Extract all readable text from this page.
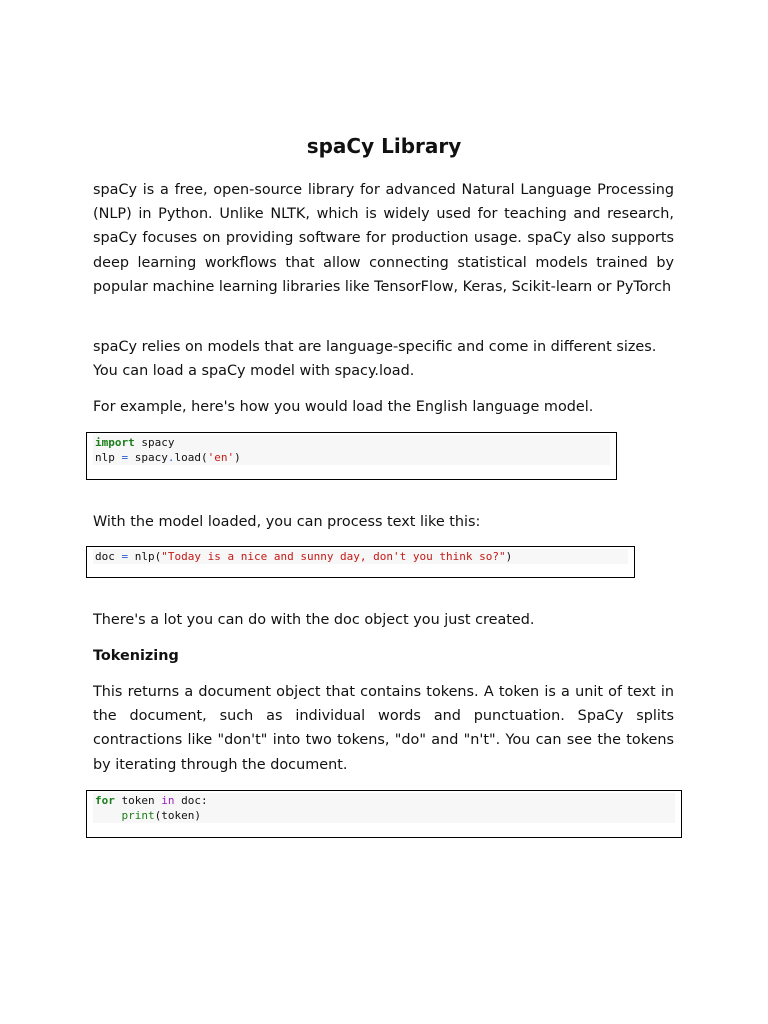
spaCy Library

spaCy is a free, open-source library for advanced Natural Language Processing (NLP) in Python. Unlike NLTK, which is widely used for teaching and research, spaCy focuses on providing software for production usage. spaCy also supports deep learning workflows that allow connecting statistical models trained by popular machine learning libraries like TensorFlow, Keras, Scikit-learn or PyTorch

spaCy relies on models that are language-specific and come in different sizes. You can load a spaCy model with spacy.load.

For example, here's how you would load the English language model.

import spacy
nlp = spacy.load('en')

With the model loaded, you can process text like this:

doc = nlp("Today is a nice and sunny day, don't you think so?")

There's a lot you can do with the doc object you just created.

Tokenizing

This returns a document object that contains tokens. A token is a unit of text in the document, such as individual words and punctuation. SpaCy splits contractions like "don't" into two tokens, "do" and "n't". You can see the tokens by iterating through the document.

for token in doc:
print(token)
